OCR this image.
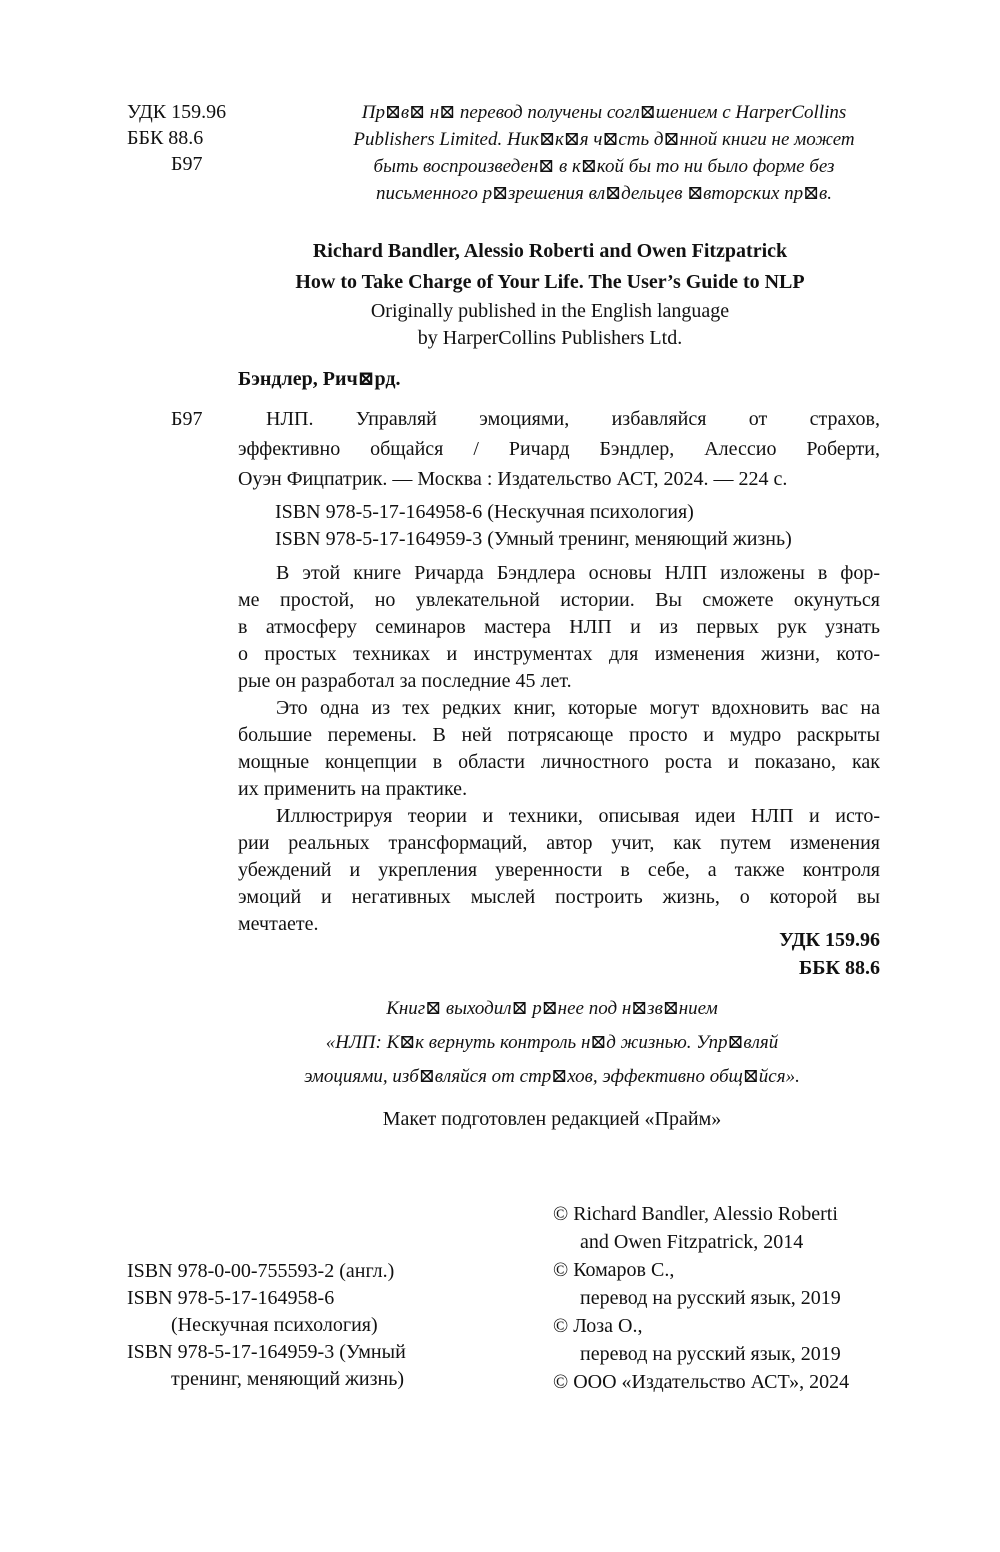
УДК 159.96
ББК 88.6
Б97
Пр⊠в⊠ н⊠ перевод получены согл⊠шением с HarperCollins
Publishers Limited. Ник⊠к⊠я ч⊠сть д⊠нной книги не может
быть воспроизведен⊠ в к⊠кой бы то ни было форме без
письменного р⊠зрешения вл⊠дельцев ⊠вторских пр⊠в.
Richard Bandler, Alessio Roberti and Owen Fitzpatrick
How to Take Charge of Your Life. The User’s Guide to NLP
Originally published in the English language
by HarperCollins Publishers Ltd.
Бэндлер, Рич⊠рд.
Б97	НЛП. Управляй эмоциями, избавляйся от страхов,
эффективно общайся / Ричард Бэндлер, Алессио Роберти,
Оуэн Фицпатрик. — Москва : Издательство АСТ, 2024. — 224 с.
ISBN 978-5-17-164958-6 (Нескучная психология)
ISBN 978-5-17-164959-3 (Умный тренинг, меняющий жизнь)
В этой книге Ричарда Бэндлера основы НЛП изложены в фор-
ме простой, но увлекательной истории. Вы сможете окунуться
в атмосферу семинаров мастера НЛП и из первых рук узнать
о простых техниках и инструментах для изменения жизни, кото-
рые он разработал за последние 45 лет.
Это одна из тех редких книг, которые могут вдохновить вас на
большие перемены. В ней потрясающе просто и мудро раскрыты
мощные концепции в области личностного роста и показано, как
их применить на практике.
Иллюстрируя теории и техники, описывая идеи НЛП и исто-
рии реальных трансформаций, автор учит, как путем изменения
убеждений и укрепления уверенности в себе, а также контроля
эмоций и негативных мыслей построить жизнь, о которой вы
мечтаете.
УДК 159.96
ББК 88.6
Книг⊠ выходил⊠ р⊠нее под н⊠зв⊠нием
«НЛП: К⊠к вернуть контроль н⊠д жизнью. Упр⊠вляй
эмоциями, изб⊠вляйся от стр⊠хов, эффективно общ⊠йся».
Макет подготовлен редакцией «Прайм»
ISBN 978-0-00-755593-2 (англ.)
ISBN 978-5-17-164958-6
(Нескучная психология)
ISBN 978-5-17-164959-3 (Умный
тренинг, меняющий жизнь)
© Richard Bandler, Alessio Roberti
and Owen Fitzpatrick, 2014
© Комаров С.,
перевод на русский язык, 2019
© Лоза О.,
перевод на русский язык, 2019
© ООО «Издательство АСТ», 2024
